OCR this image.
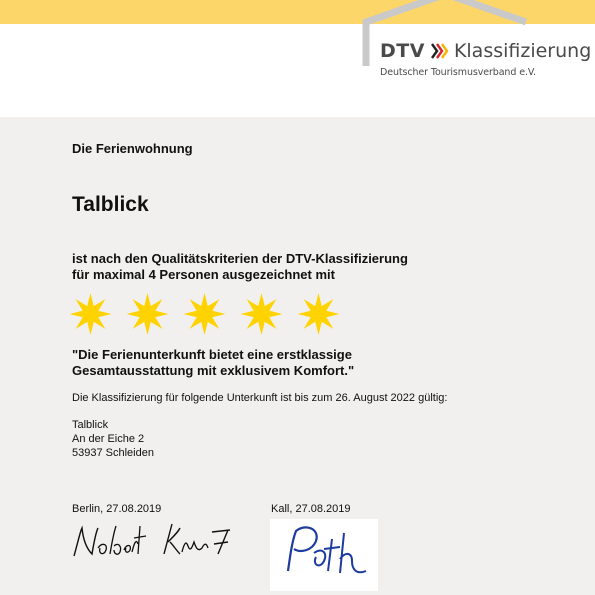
DTV Klassifizierung
Deutscher Tourismusverband e.V.
Die Ferienwohnung
Talblick
ist nach den Qualitätskriterien der DTV-Klassifizierung
für maximal 4 Personen ausgezeichnet mit
"Die Ferienunterkunft bietet eine erstklassige
Gesamtausstattung mit exklusivem Komfort."
Die Klassifizierung für folgende Unterkunft ist bis zum 26. August 2022 gültig:
Talblick
An der Eiche 2
53937 Schleiden
Berlin, 27.08.2019	Kall, 27.08.2019
